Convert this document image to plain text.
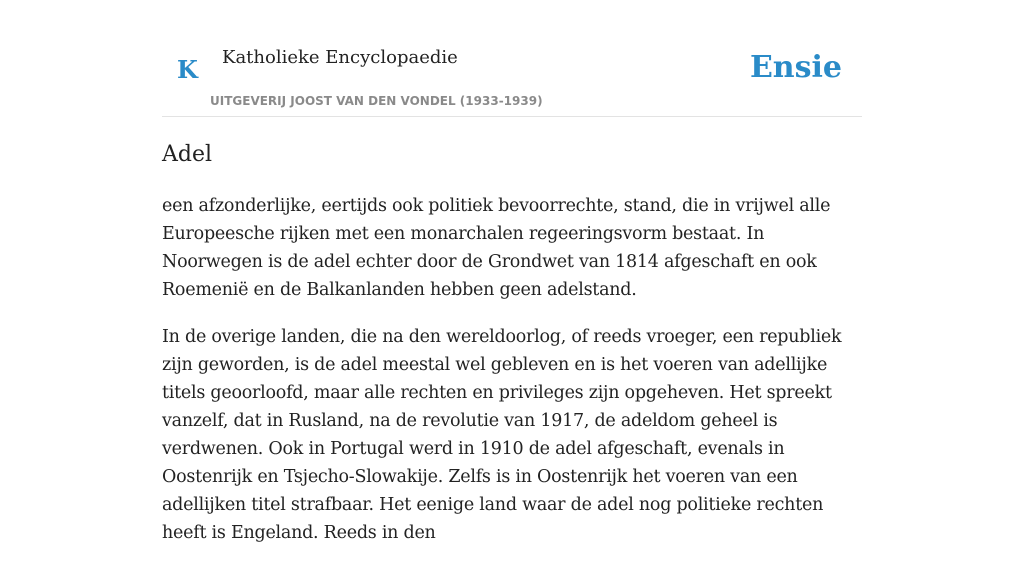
K Katholieke Encyclopaedie
UITGEVERIJ JOOST VAN DEN VONDEL (1933-1939)
Ensie
Adel

een afzonderlijke, eertijds ook politiek bevoorrechte, stand, die in vrijwel alle Europeesche rijken met een monarchalen regeeringsvorm bestaat. In Noorwegen is de adel echter door de Grondwet van 1814 afgeschaft en ook Roemenië en de Balkanlanden hebben geen adelstand.

In de overige landen, die na den wereldoorlog, of reeds vroeger, een republiek zijn geworden, is de adel meestal wel gebleven en is het voeren van adellijke titels geoorloofd, maar alle rechten en privileges zijn opgeheven. Het spreekt vanzelf, dat in Rusland, na de revolutie van 1917, de adeldom geheel is verdwenen. Ook in Portugal werd in 1910 de adel afgeschaft, evenals in Oostenrijk en Tsjecho-Slowakije. Zelfs is in Oostenrijk het voeren van een adellijken titel strafbaar. Het eenige land waar de adel nog politieke rechten heeft is Engeland. Reeds in den
